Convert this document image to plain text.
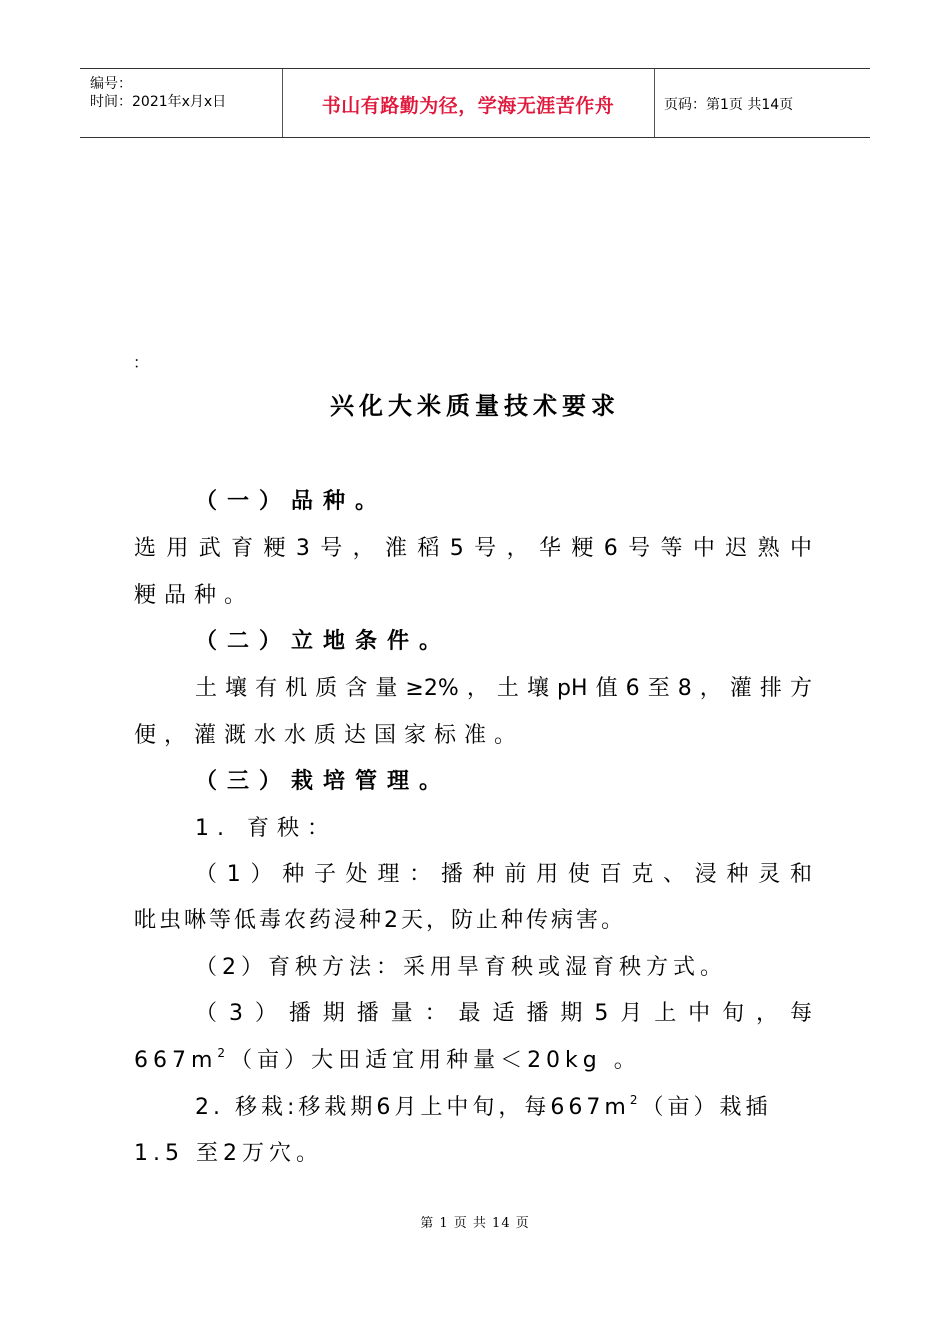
编号：
时间：2021年x月x日	书山有路勤为径，学海无涯苦作舟	页码：第1页 共14页
：
兴化大米质量技术要求
（一）品种。
选用武育粳3号，淮稻5号，华粳6号等中迟熟中
粳品种。
（二）立地条件。
土壤有机质含量≥2%，土壤pH值6至8，灌排方
便，灌溉水水质达国家标准。
（三）栽培管理。
1. 育秧：
（1）种子处理：播种前用使百克、浸种灵和
吡虫啉等低毒农药浸种2天，防止种传病害。
（2）育秧方法：采用旱育秧或湿育秧方式。
（3）播期播量：最适播期5月上中旬，每
$667m^2$（亩）大田适宜用种量＜20kg 。
2. 移栽:移栽期6月上中旬，每$667m^2$（亩）栽插
1.5 至2万穴。
第 1 页 共 14 页
